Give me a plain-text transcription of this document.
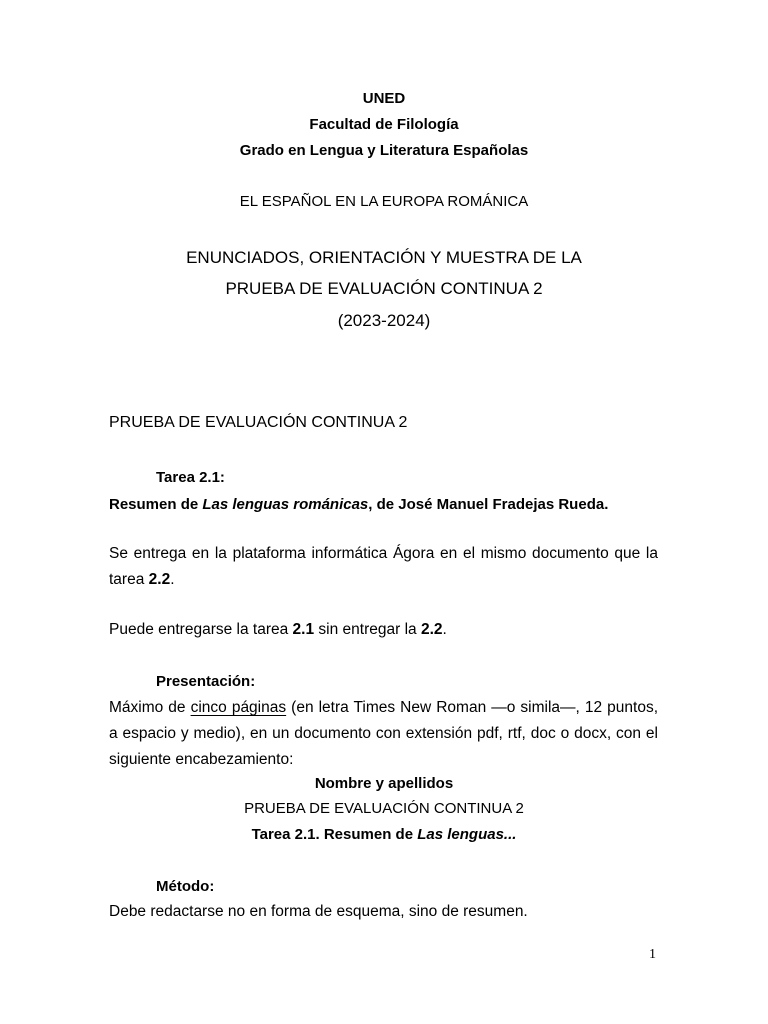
UNED
Facultad de Filología
Grado en Lengua y Literatura Españolas
EL ESPAÑOL EN LA EUROPA ROMÁNICA
ENUNCIADOS, ORIENTACIÓN Y MUESTRA DE LA
PRUEBA DE EVALUACIÓN CONTINUA 2
(2023-2024)
PRUEBA DE EVALUACIÓN CONTINUA 2
Tarea 2.1:
Resumen de Las lenguas románicas, de José Manuel Fradejas Rueda.
Se entrega en la plataforma informática Ágora en el mismo documento que la
tarea 2.2.
Puede entregarse la tarea 2.1 sin entregar la 2.2.
Presentación:
Máximo de cinco páginas (en letra Times New Roman —o simila—, 12 puntos,
a espacio y medio), en un documento con extensión pdf, rtf, doc o docx, con el
siguiente encabezamiento:
Nombre y apellidos
PRUEBA DE EVALUACIÓN CONTINUA 2
Tarea 2.1. Resumen de Las lenguas...
Método:
Debe redactarse no en forma de esquema, sino de resumen.
1
